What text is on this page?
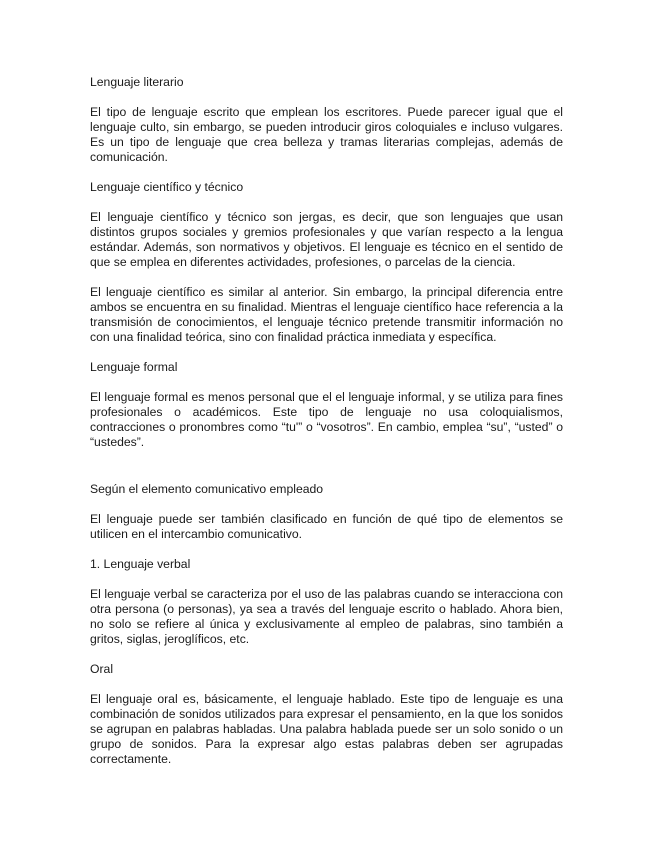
Lenguaje literario

El tipo de lenguaje escrito que emplean los escritores. Puede parecer igual que el lenguaje culto, sin embargo, se pueden introducir giros coloquiales e incluso vulgares. Es un tipo de lenguaje que crea belleza y tramas literarias complejas, además de comunicación.

Lenguaje científico y técnico

El lenguaje científico y técnico son jergas, es decir, que son lenguajes que usan distintos grupos sociales y gremios profesionales y que varían respecto a la lengua estándar. Además, son normativos y objetivos. El lenguaje es técnico en el sentido de que se emplea en diferentes actividades, profesiones, o parcelas de la ciencia.

El lenguaje científico es similar al anterior. Sin embargo, la principal diferencia entre ambos se encuentra en su finalidad. Mientras el lenguaje científico hace referencia a la transmisión de conocimientos, el lenguaje técnico pretende transmitir información no con una finalidad teórica, sino con finalidad práctica inmediata y específica.

Lenguaje formal

El lenguaje formal es menos personal que el el lenguaje informal, y se utiliza para fines profesionales o académicos. Este tipo de lenguaje no usa coloquialismos, contracciones o pronombres como “tu'” o “vosotros”. En cambio, emplea “su”, “usted” o “ustedes”.

Según el elemento comunicativo empleado

El lenguaje puede ser también clasificado en función de qué tipo de elementos se utilicen en el intercambio comunicativo.

1. Lenguaje verbal

El lenguaje verbal se caracteriza por el uso de las palabras cuando se interacciona con otra persona (o personas), ya sea a través del lenguaje escrito o hablado. Ahora bien, no solo se refiere al única y exclusivamente al empleo de palabras, sino también a gritos, siglas, jeroglíficos, etc.

Oral

El lenguaje oral es, básicamente, el lenguaje hablado. Este tipo de lenguaje es una combinación de sonidos utilizados para expresar el pensamiento, en la que los sonidos se agrupan en palabras habladas. Una palabra hablada puede ser un solo sonido o un grupo de sonidos. Para la expresar algo estas palabras deben ser agrupadas correctamente.
